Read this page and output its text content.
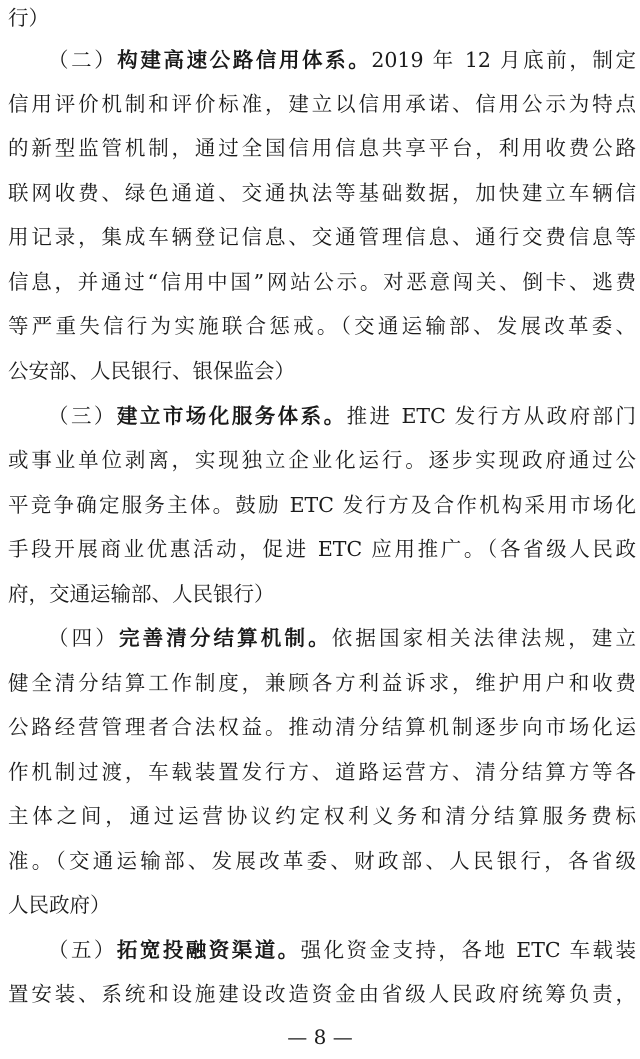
行）
（二）构建高速公路信用体系。2019 年 12 月底前，制定
信用评价机制和评价标准，建立以信用承诺、信用公示为特点
的新型监管机制，通过全国信用信息共享平台，利用收费公路
联网收费、绿色通道、交通执法等基础数据，加快建立车辆信
用记录，集成车辆登记信息、交通管理信息、通行交费信息等
信息，并通过“信用中国”网站公示。对恶意闯关、倒卡、逃费
等严重失信行为实施联合惩戒。（交通运输部、发展改革委、
公安部、人民银行、银保监会）
（三）建立市场化服务体系。推进 ETC 发行方从政府部门
或事业单位剥离，实现独立企业化运行。逐步实现政府通过公
平竞争确定服务主体。鼓励 ETC 发行方及合作机构采用市场化
手段开展商业优惠活动，促进 ETC 应用推广。（各省级人民政
府，交通运输部、人民银行）
（四）完善清分结算机制。依据国家相关法律法规，建立
健全清分结算工作制度，兼顾各方利益诉求，维护用户和收费
公路经营管理者合法权益。推动清分结算机制逐步向市场化运
作机制过渡，车载装置发行方、道路运营方、清分结算方等各
主体之间，通过运营协议约定权利义务和清分结算服务费标
准。（交通运输部、发展改革委、财政部、人民银行，各省级
人民政府）
（五）拓宽投融资渠道。强化资金支持，各地 ETC 车载装
置安装、系统和设施建设改造资金由省级人民政府统筹负责，
— 8 —
